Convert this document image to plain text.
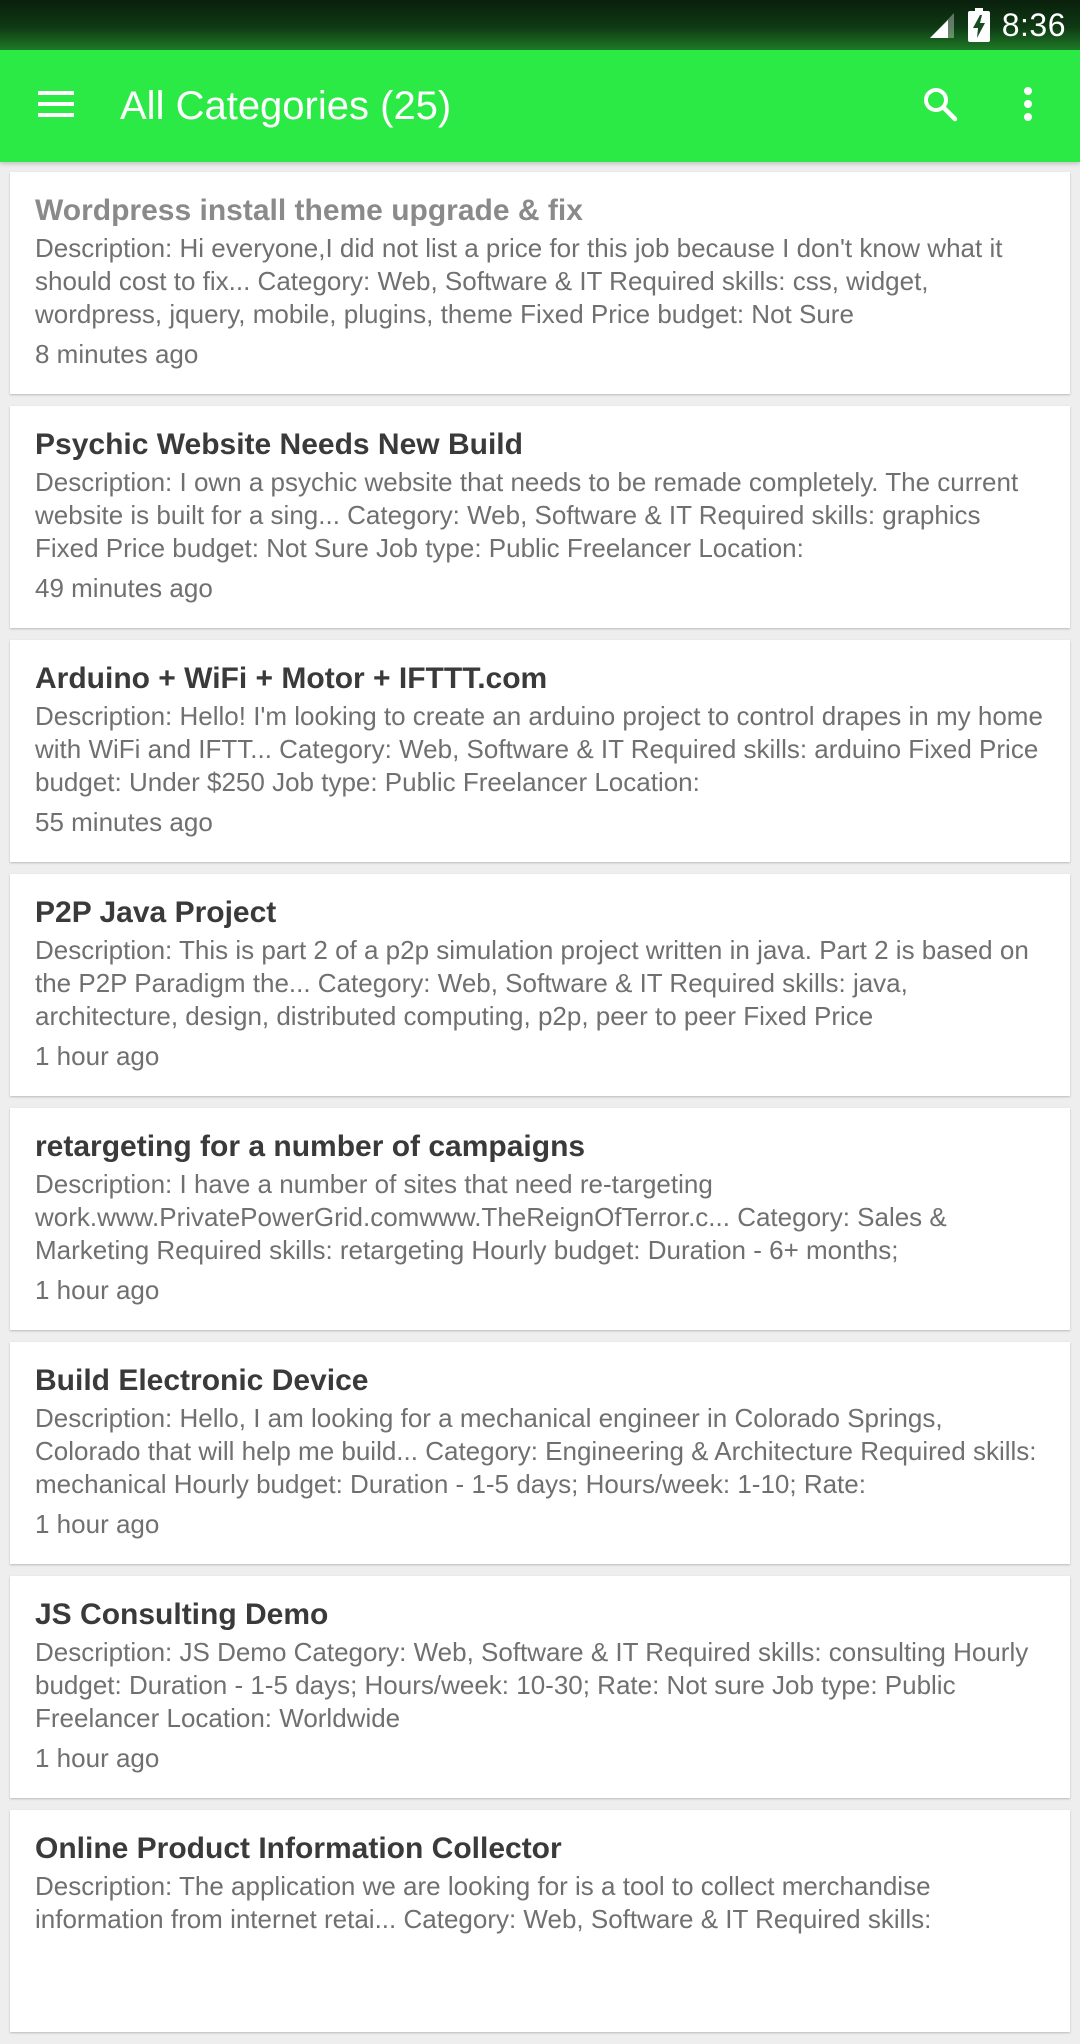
8:36
All Categories (25)
Wordpress install theme upgrade & fix
Description: Hi everyone,I did not list a price for this job because I don't know what it should cost to fix... Category: Web, Software & IT Required skills: css, widget, wordpress, jquery, mobile, plugins, theme Fixed Price budget: Not Sure
8 minutes ago
Psychic Website Needs New Build
Description: I own a psychic website that needs to be remade completely. The current website is built for a sing... Category: Web, Software & IT Required skills: graphics Fixed Price budget: Not Sure Job type: Public Freelancer Location:
49 minutes ago
Arduino + WiFi + Motor + IFTTT.com
Description: Hello! I'm looking to create an arduino project to control drapes in my home with WiFi and IFTT... Category: Web, Software & IT Required skills: arduino Fixed Price budget: Under $250 Job type: Public Freelancer Location:
55 minutes ago
P2P Java Project
Description: This is part 2 of a p2p simulation project written in java. Part 2 is based on the P2P Paradigm the... Category: Web, Software & IT Required skills: java, architecture, design, distributed computing, p2p, peer to peer Fixed Price
1 hour ago
retargeting for a number of campaigns
Description: I have a number of sites that need re-targeting work.www.PrivatePowerGrid.comwww.TheReignOfTerror.c... Category: Sales & Marketing Required skills: retargeting Hourly budget: Duration - 6+ months;
1 hour ago
Build Electronic Device
Description: Hello, I am looking for a mechanical engineer in Colorado Springs, Colorado that will help me build... Category: Engineering & Architecture Required skills: mechanical Hourly budget: Duration - 1-5 days; Hours/week: 1-10; Rate:
1 hour ago
JS Consulting Demo
Description: JS Demo Category: Web, Software & IT Required skills: consulting Hourly budget: Duration - 1-5 days; Hours/week: 10-30; Rate: Not sure Job type: Public Freelancer Location: Worldwide
1 hour ago
Online Product Information Collector
Description: The application we are looking for is a tool to collect merchandise information from internet retai... Category: Web, Software & IT Required skills:
